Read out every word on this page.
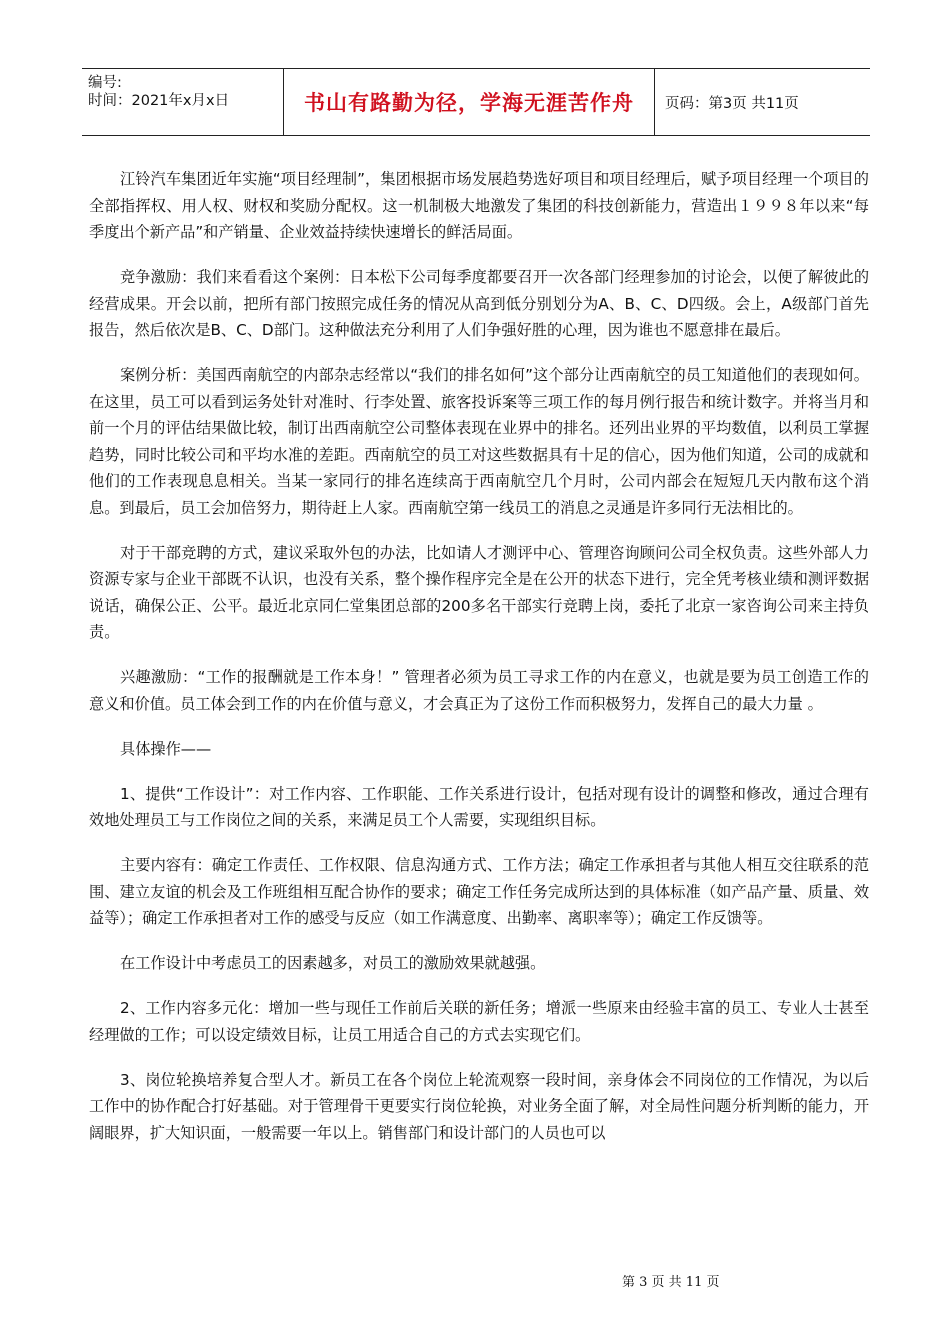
编号:
时间：2021年x月x日	书山有路勤为径，学海无涯苦作舟	页码：第3页 共11页

江铃汽车集团近年实施“项目经理制”，集团根据市场发展趋势选好项目和项目经理后，赋予项目经理一个项目的全部指挥权、用人权、财权和奖励分配权。这一机制极大地激发了集团的科技创新能力，营造出１９９８年以来“每季度出个新产品”和产销量、企业效益持续快速增长的鲜活局面。

竞争激励：我们来看看这个案例：日本松下公司每季度都要召开一次各部门经理参加的讨论会，以便了解彼此的经营成果。开会以前，把所有部门按照完成任务的情况从高到低分别划分为A、B、C、D四级。会上，A级部门首先报告，然后依次是B、C、D部门。这种做法充分利用了人们争强好胜的心理，因为谁也不愿意排在最后。

案例分析：美国西南航空的内部杂志经常以“我们的排名如何”这个部分让西南航空的员工知道他们的表现如何。在这里，员工可以看到运务处针对准时、行李处置、旅客投诉案等三项工作的每月例行报告和统计数字。并将当月和前一个月的评估结果做比较，制订出西南航空公司整体表现在业界中的排名。还列出业界的平均数值，以利员工掌握趋势，同时比较公司和平均水准的差距。西南航空的员工对这些数据具有十足的信心，因为他们知道，公司的成就和他们的工作表现息息相关。当某一家同行的排名连续高于西南航空几个月时，公司内部会在短短几天内散布这个消息。到最后，员工会加倍努力，期待赶上人家。西南航空第一线员工的消息之灵通是许多同行无法相比的。

对于干部竞聘的方式，建议采取外包的办法，比如请人才测评中心、管理咨询顾问公司全权负责。这些外部人力资源专家与企业干部既不认识，也没有关系，整个操作程序完全是在公开的状态下进行，完全凭考核业绩和测评数据说话，确保公正、公平。最近北京同仁堂集团总部的200多名干部实行竞聘上岗，委托了北京一家咨询公司来主持负责。

兴趣激励：“工作的报酬就是工作本身！” 管理者必须为员工寻求工作的内在意义，也就是要为员工创造工作的意义和价值。员工体会到工作的内在价值与意义，才会真正为了这份工作而积极努力，发挥自己的最大力量 。

具体操作——

1、提供“工作设计”：对工作内容、工作职能、工作关系进行设计，包括对现有设计的调整和修改，通过合理有效地处理员工与工作岗位之间的关系，来满足员工个人需要，实现组织目标。

主要内容有：确定工作责任、工作权限、信息沟通方式、工作方法；确定工作承担者与其他人相互交往联系的范围、建立友谊的机会及工作班组相互配合协作的要求；确定工作任务完成所达到的具体标准（如产品产量、质量、效益等）；确定工作承担者对工作的感受与反应（如工作满意度、出勤率、离职率等）；确定工作反馈等。

在工作设计中考虑员工的因素越多，对员工的激励效果就越强。

2、工作内容多元化：增加一些与现任工作前后关联的新任务；增派一些原来由经验丰富的员工、专业人士甚至经理做的工作；可以设定绩效目标，让员工用适合自己的方式去实现它们。

3、岗位轮换培养复合型人才。新员工在各个岗位上轮流观察一段时间，亲身体会不同岗位的工作情况，为以后工作中的协作配合打好基础。对于管理骨干更要实行岗位轮换，对业务全面了解，对全局性问题分析判断的能力，开阔眼界，扩大知识面，一般需要一年以上。销售部门和设计部门的人员也可以

第 3 页 共 11 页
